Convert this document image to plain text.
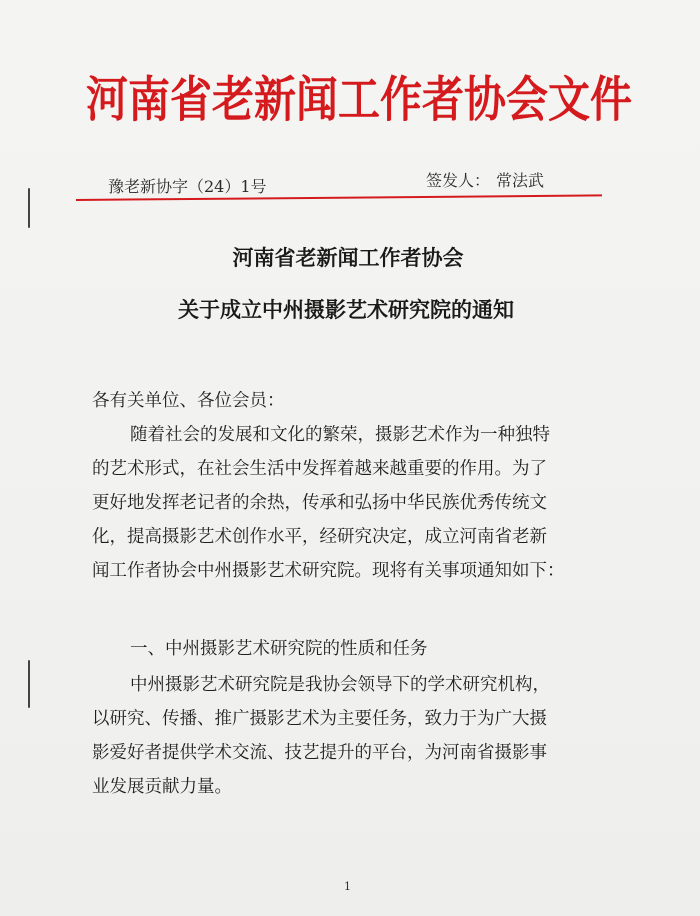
河南省老新闻工作者协会文件
豫老新协字（24）1号	签发人： 常法武
河南省老新闻工作者协会
关于成立中州摄影艺术研究院的通知
各有关单位、各位会员：
随着社会的发展和文化的繁荣，摄影艺术作为一种独特
的艺术形式，在社会生活中发挥着越来越重要的作用。为了
更好地发挥老记者的余热，传承和弘扬中华民族优秀传统文
化，提高摄影艺术创作水平，经研究决定，成立河南省老新
闻工作者协会中州摄影艺术研究院。现将有关事项通知如下：
一、中州摄影艺术研究院的性质和任务
中州摄影艺术研究院是我协会领导下的学术研究机构，
以研究、传播、推广摄影艺术为主要任务，致力于为广大摄
影爱好者提供学术交流、技艺提升的平台，为河南省摄影事
业发展贡献力量。
1
